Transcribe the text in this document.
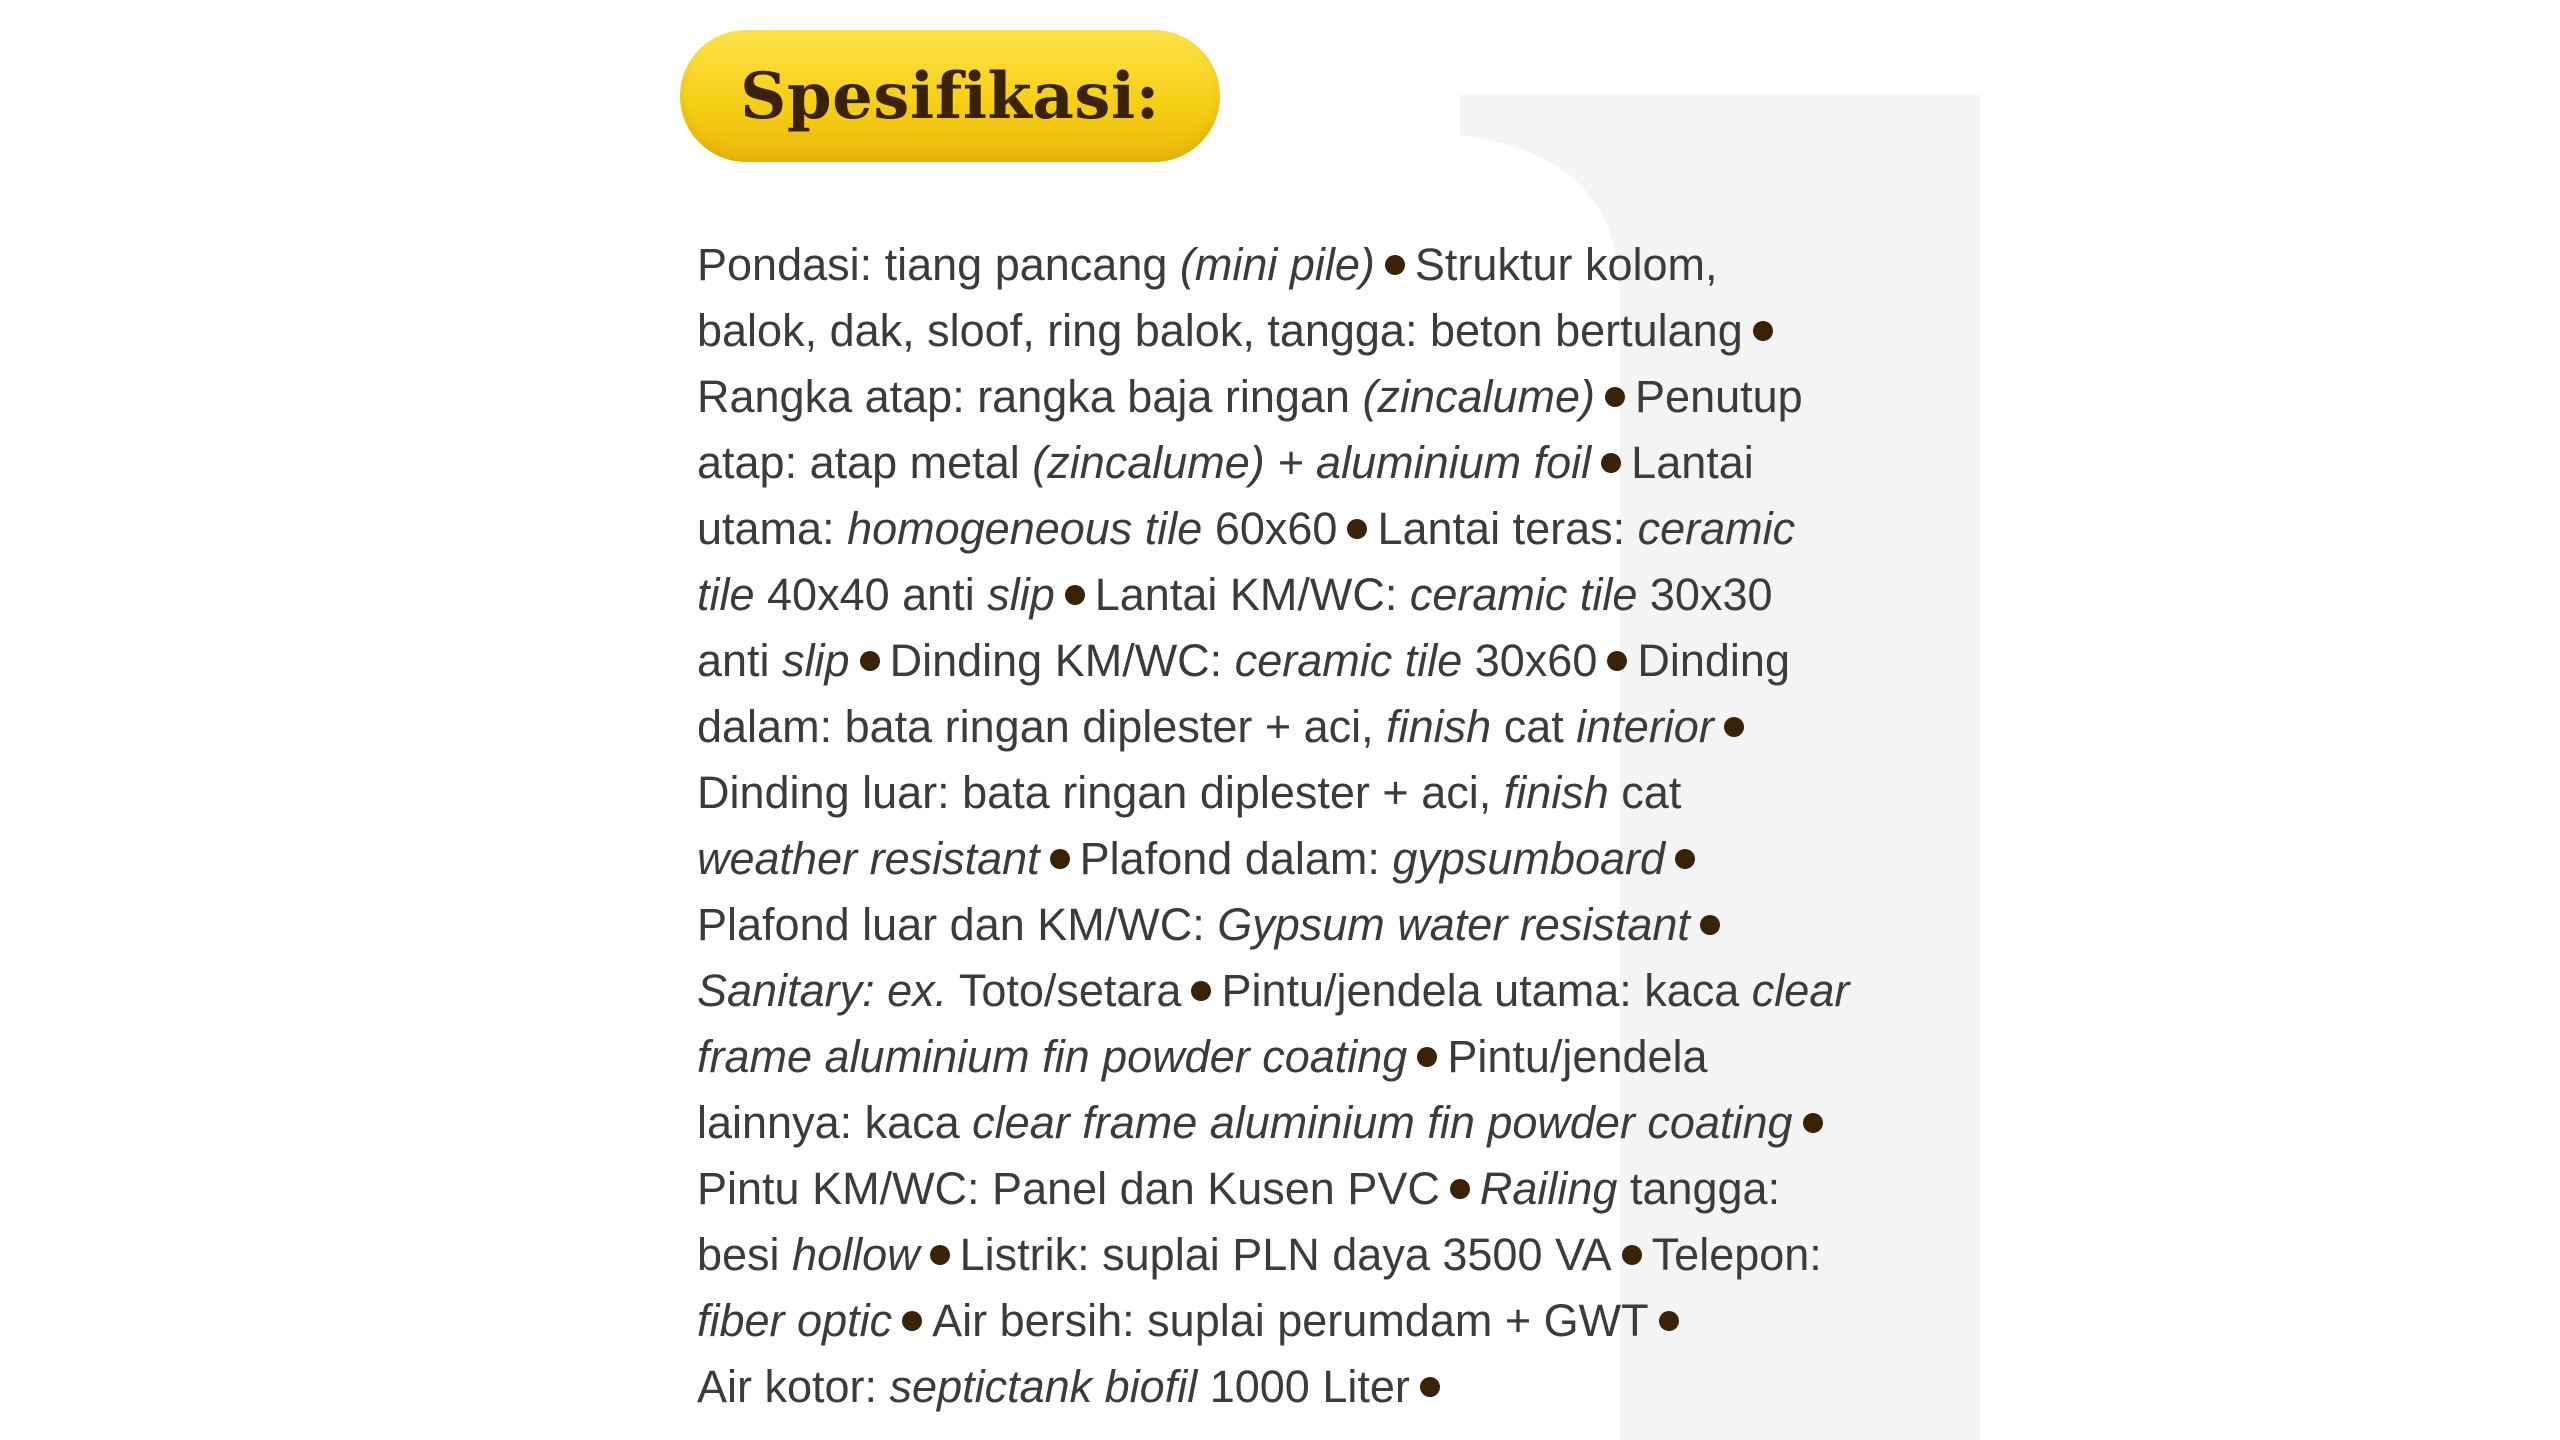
Spesifikasi:
Pondasi: tiang pancang (mini pile) Struktur kolom,
balok, dak, sloof, ring balok, tangga: beton bertulang
Rangka atap: rangka baja ringan (zincalume) Penutup
atap: atap metal (zincalume) + aluminium foil Lantai
utama: homogeneous tile 60x60 Lantai teras: ceramic
tile 40x40 anti slip Lantai KM/WC: ceramic tile 30x30
anti slip Dinding KM/WC: ceramic tile 30x60 Dinding
dalam: bata ringan diplester + aci, finish cat interior
Dinding luar: bata ringan diplester + aci, finish cat
weather resistant Plafond dalam: gypsumboard
Plafond luar dan KM/WC: Gypsum water resistant
Sanitary: ex. Toto/setara Pintu/jendela utama: kaca clear
frame aluminium fin powder coating Pintu/jendela
lainnya: kaca clear frame aluminium fin powder coating
Pintu KM/WC: Panel dan Kusen PVC Railing tangga:
besi hollow Listrik: suplai PLN daya 3500 VA Telepon:
fiber optic Air bersih: suplai perumdam + GWT
Air kotor: septictank biofil 1000 Liter
